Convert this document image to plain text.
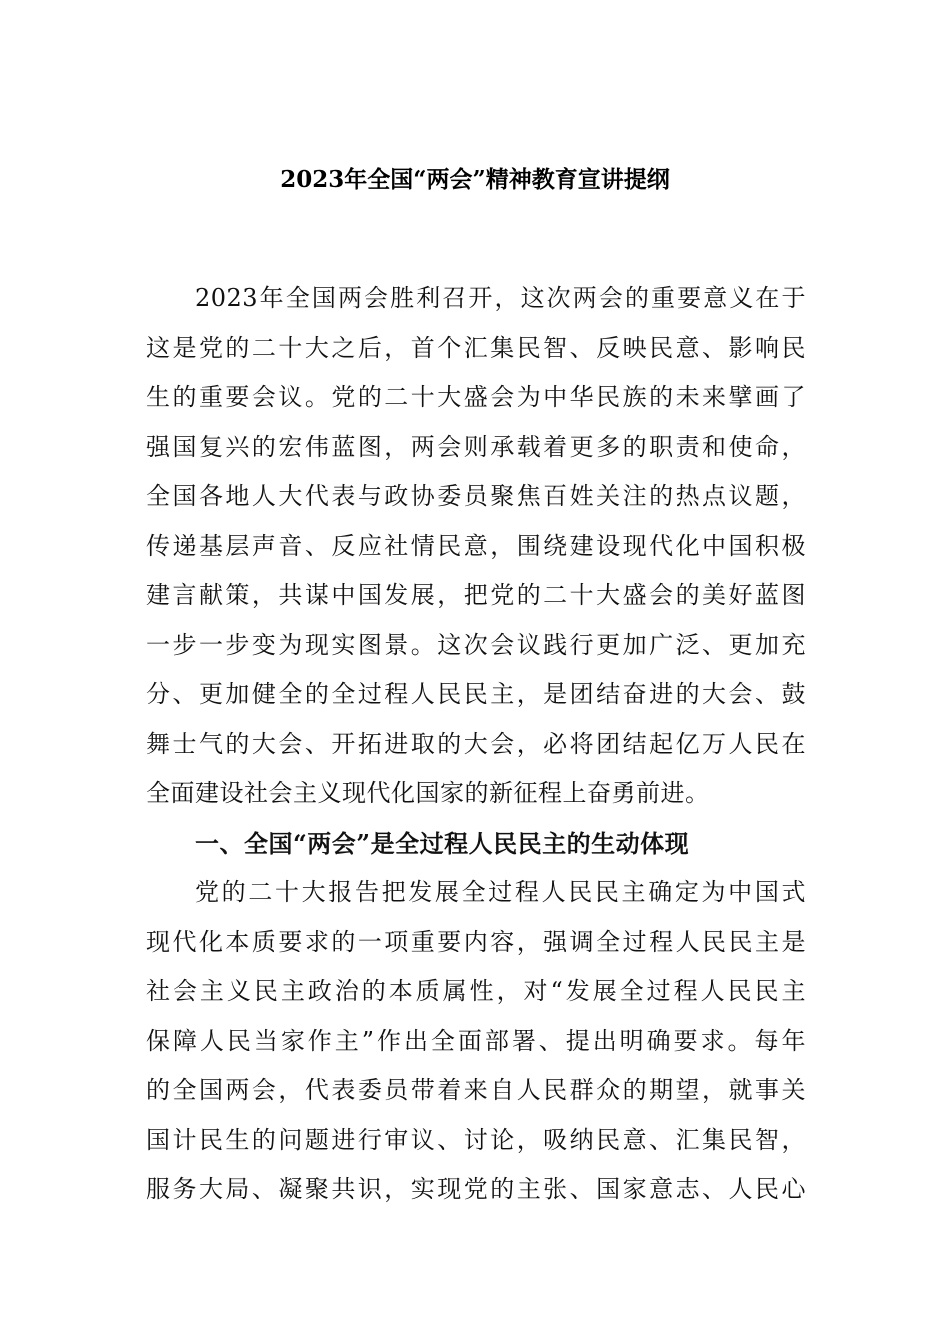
2023年全国“两会”精神教育宣讲提纲
2023年全国两会胜利召开，这次两会的重要意义在于
这是党的二十大之后，首个汇集民智、反映民意、影响民
生的重要会议。党的二十大盛会为中华民族的未来擘画了
强国复兴的宏伟蓝图，两会则承载着更多的职责和使命，
全国各地人大代表与政协委员聚焦百姓关注的热点议题，
传递基层声音、反应社情民意，围绕建设现代化中国积极
建言献策，共谋中国发展，把党的二十大盛会的美好蓝图
一步一步变为现实图景。这次会议践行更加广泛、更加充
分、更加健全的全过程人民民主，是团结奋进的大会、鼓
舞士气的大会、开拓进取的大会，必将团结起亿万人民在
全面建设社会主义现代化国家的新征程上奋勇前进。
一、全国“两会”是全过程人民民主的生动体现
党的二十大报告把发展全过程人民民主确定为中国式
现代化本质要求的一项重要内容，强调全过程人民民主是
社会主义民主政治的本质属性，对“发展全过程人民民主
保障人民当家作主”作出全面部署、提出明确要求。每年
的全国两会，代表委员带着来自人民群众的期望，就事关
国计民生的问题进行审议、讨论，吸纳民意、汇集民智，
服务大局、凝聚共识，实现党的主张、国家意志、人民心
